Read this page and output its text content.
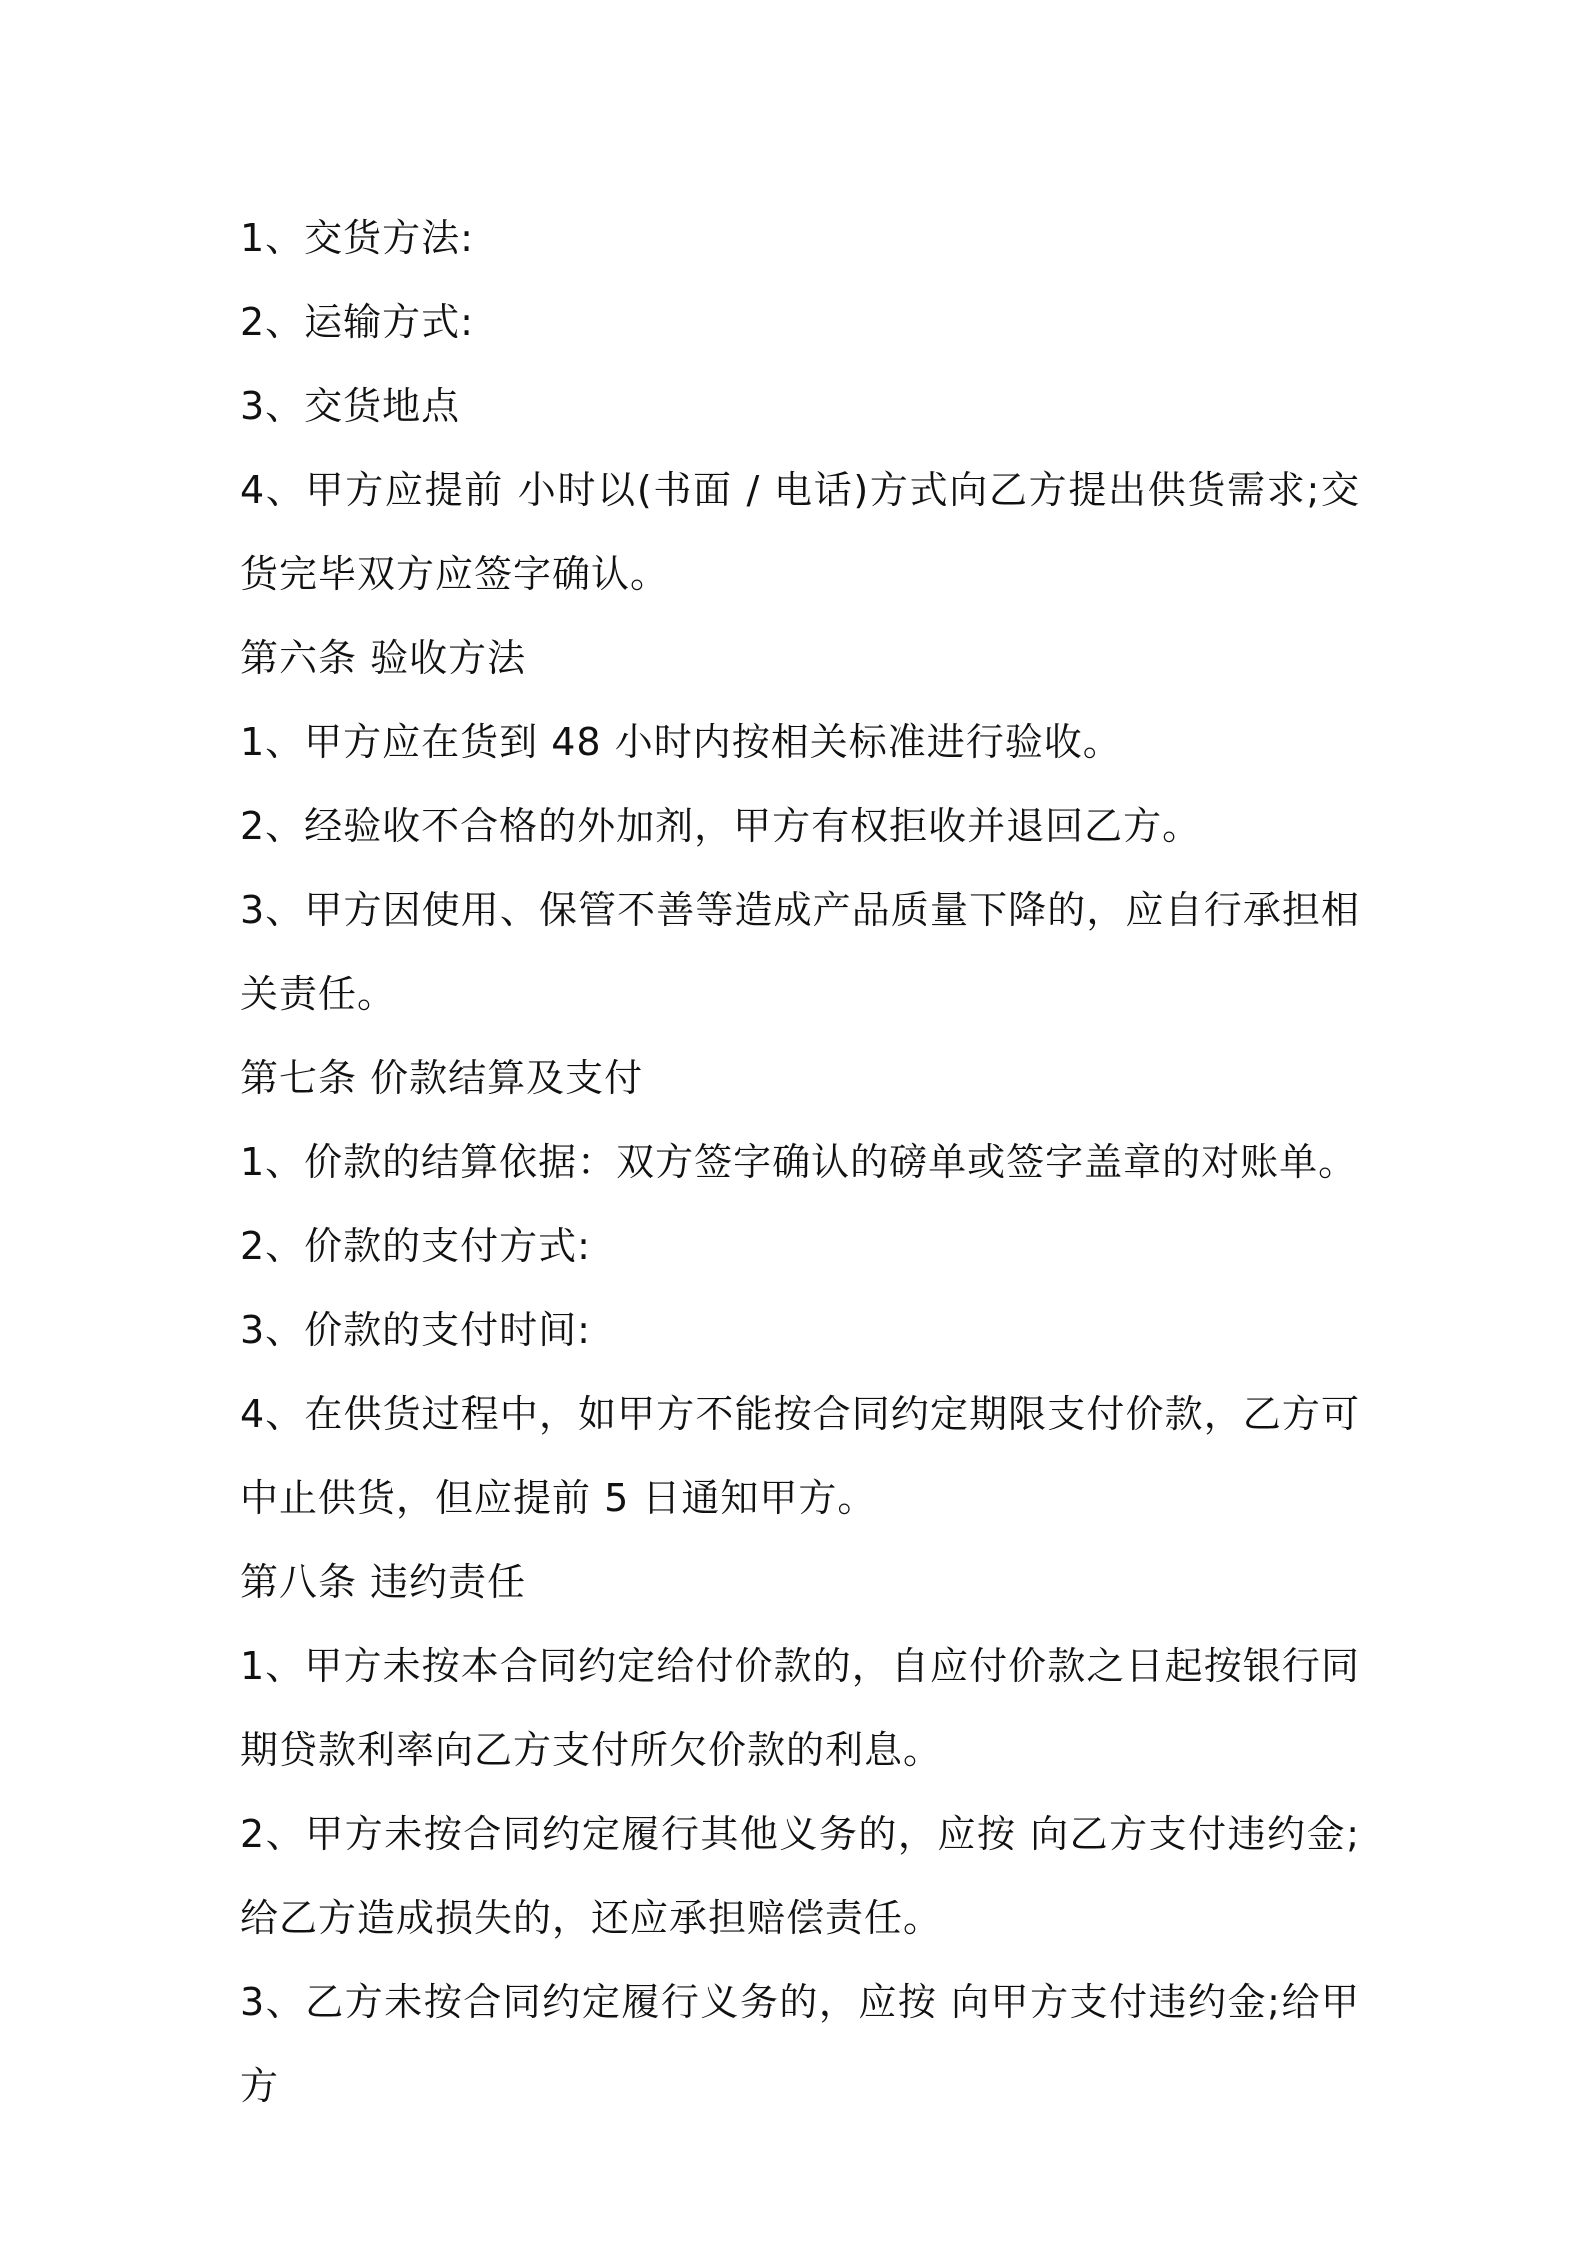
1、交货方法:

2、运输方式:

3、交货地点

4、甲方应提前 小时以(书面 / 电话)方式向乙方提出供货需求;交货完毕双方应签字确认。

第六条 验收方法

1、甲方应在货到 48 小时内按相关标准进行验收。

2、经验收不合格的外加剂，甲方有权拒收并退回乙方。

3、甲方因使用、保管不善等造成产品质量下降的，应自行承担相关责任。

第七条 价款结算及支付

1、价款的结算依据：双方签字确认的磅单或签字盖章的对账单。

2、价款的支付方式:

3、价款的支付时间:

4、在供货过程中，如甲方不能按合同约定期限支付价款，乙方可中止供货，但应提前 5 日通知甲方。

第八条 违约责任

1、甲方未按本合同约定给付价款的，自应付价款之日起按银行同期贷款利率向乙方支付所欠价款的利息。

2、甲方未按合同约定履行其他义务的，应按 向乙方支付违约金;给乙方造成损失的，还应承担赔偿责任。

3、乙方未按合同约定履行义务的，应按 向甲方支付违约金;给甲方
